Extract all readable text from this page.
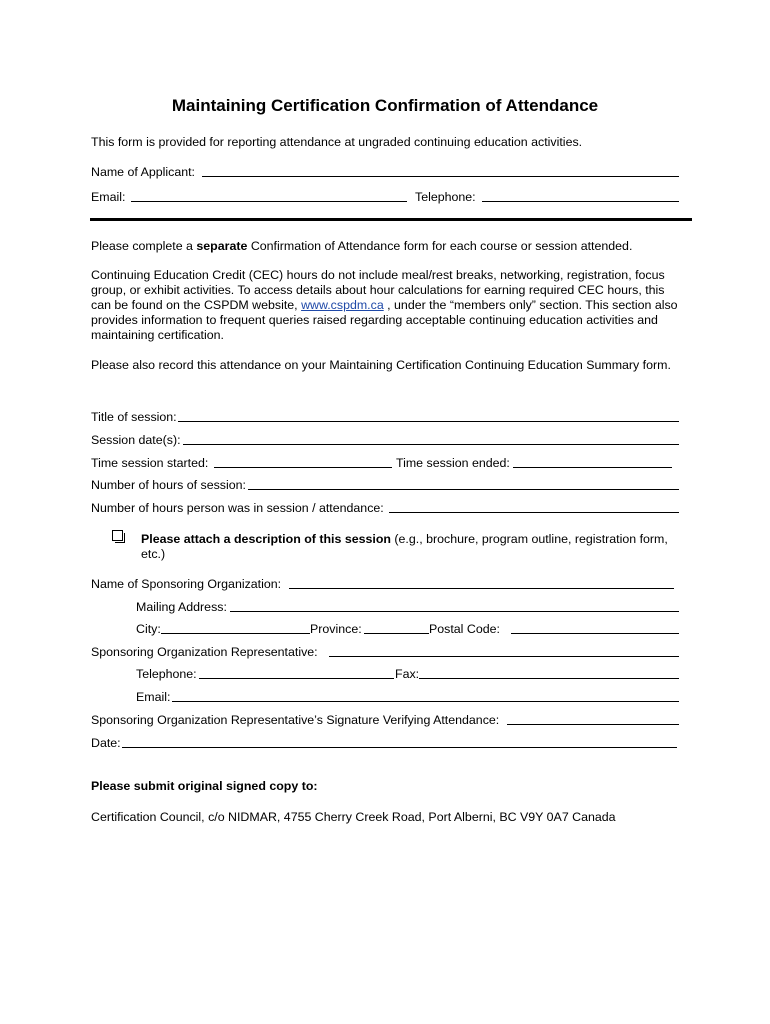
Maintaining Certification Confirmation of Attendance
This form is provided for reporting attendance at ungraded continuing education activities.
Name of Applicant:
Email:	Telephone:
Please complete a separate Confirmation of Attendance form for each course or session attended.
Continuing Education Credit (CEC) hours do not include meal/rest breaks, networking, registration, focus group, or exhibit activities. To access details about hour calculations for earning required CEC hours, this can be found on the CSPDM website, www.cspdm.ca , under the “members only” section. This section also provides information to frequent queries raised regarding acceptable continuing education activities and maintaining certification.
Please also record this attendance on your Maintaining Certification Continuing Education Summary form.
Title of session:
Session date(s):
Time session started:	Time session ended:
Number of hours of session:
Number of hours person was in session / attendance:
Please attach a description of this session (e.g., brochure, program outline, registration form,
etc.)
Name of Sponsoring Organization:
Mailing Address:
City:	Province:	Postal Code:
Sponsoring Organization Representative:
Telephone:	Fax:
Email:
Sponsoring Organization Representative’s Signature Verifying Attendance:
Date:
Please submit original signed copy to:
Certification Council, c/o NIDMAR, 4755 Cherry Creek Road, Port Alberni, BC V9Y 0A7 Canada
